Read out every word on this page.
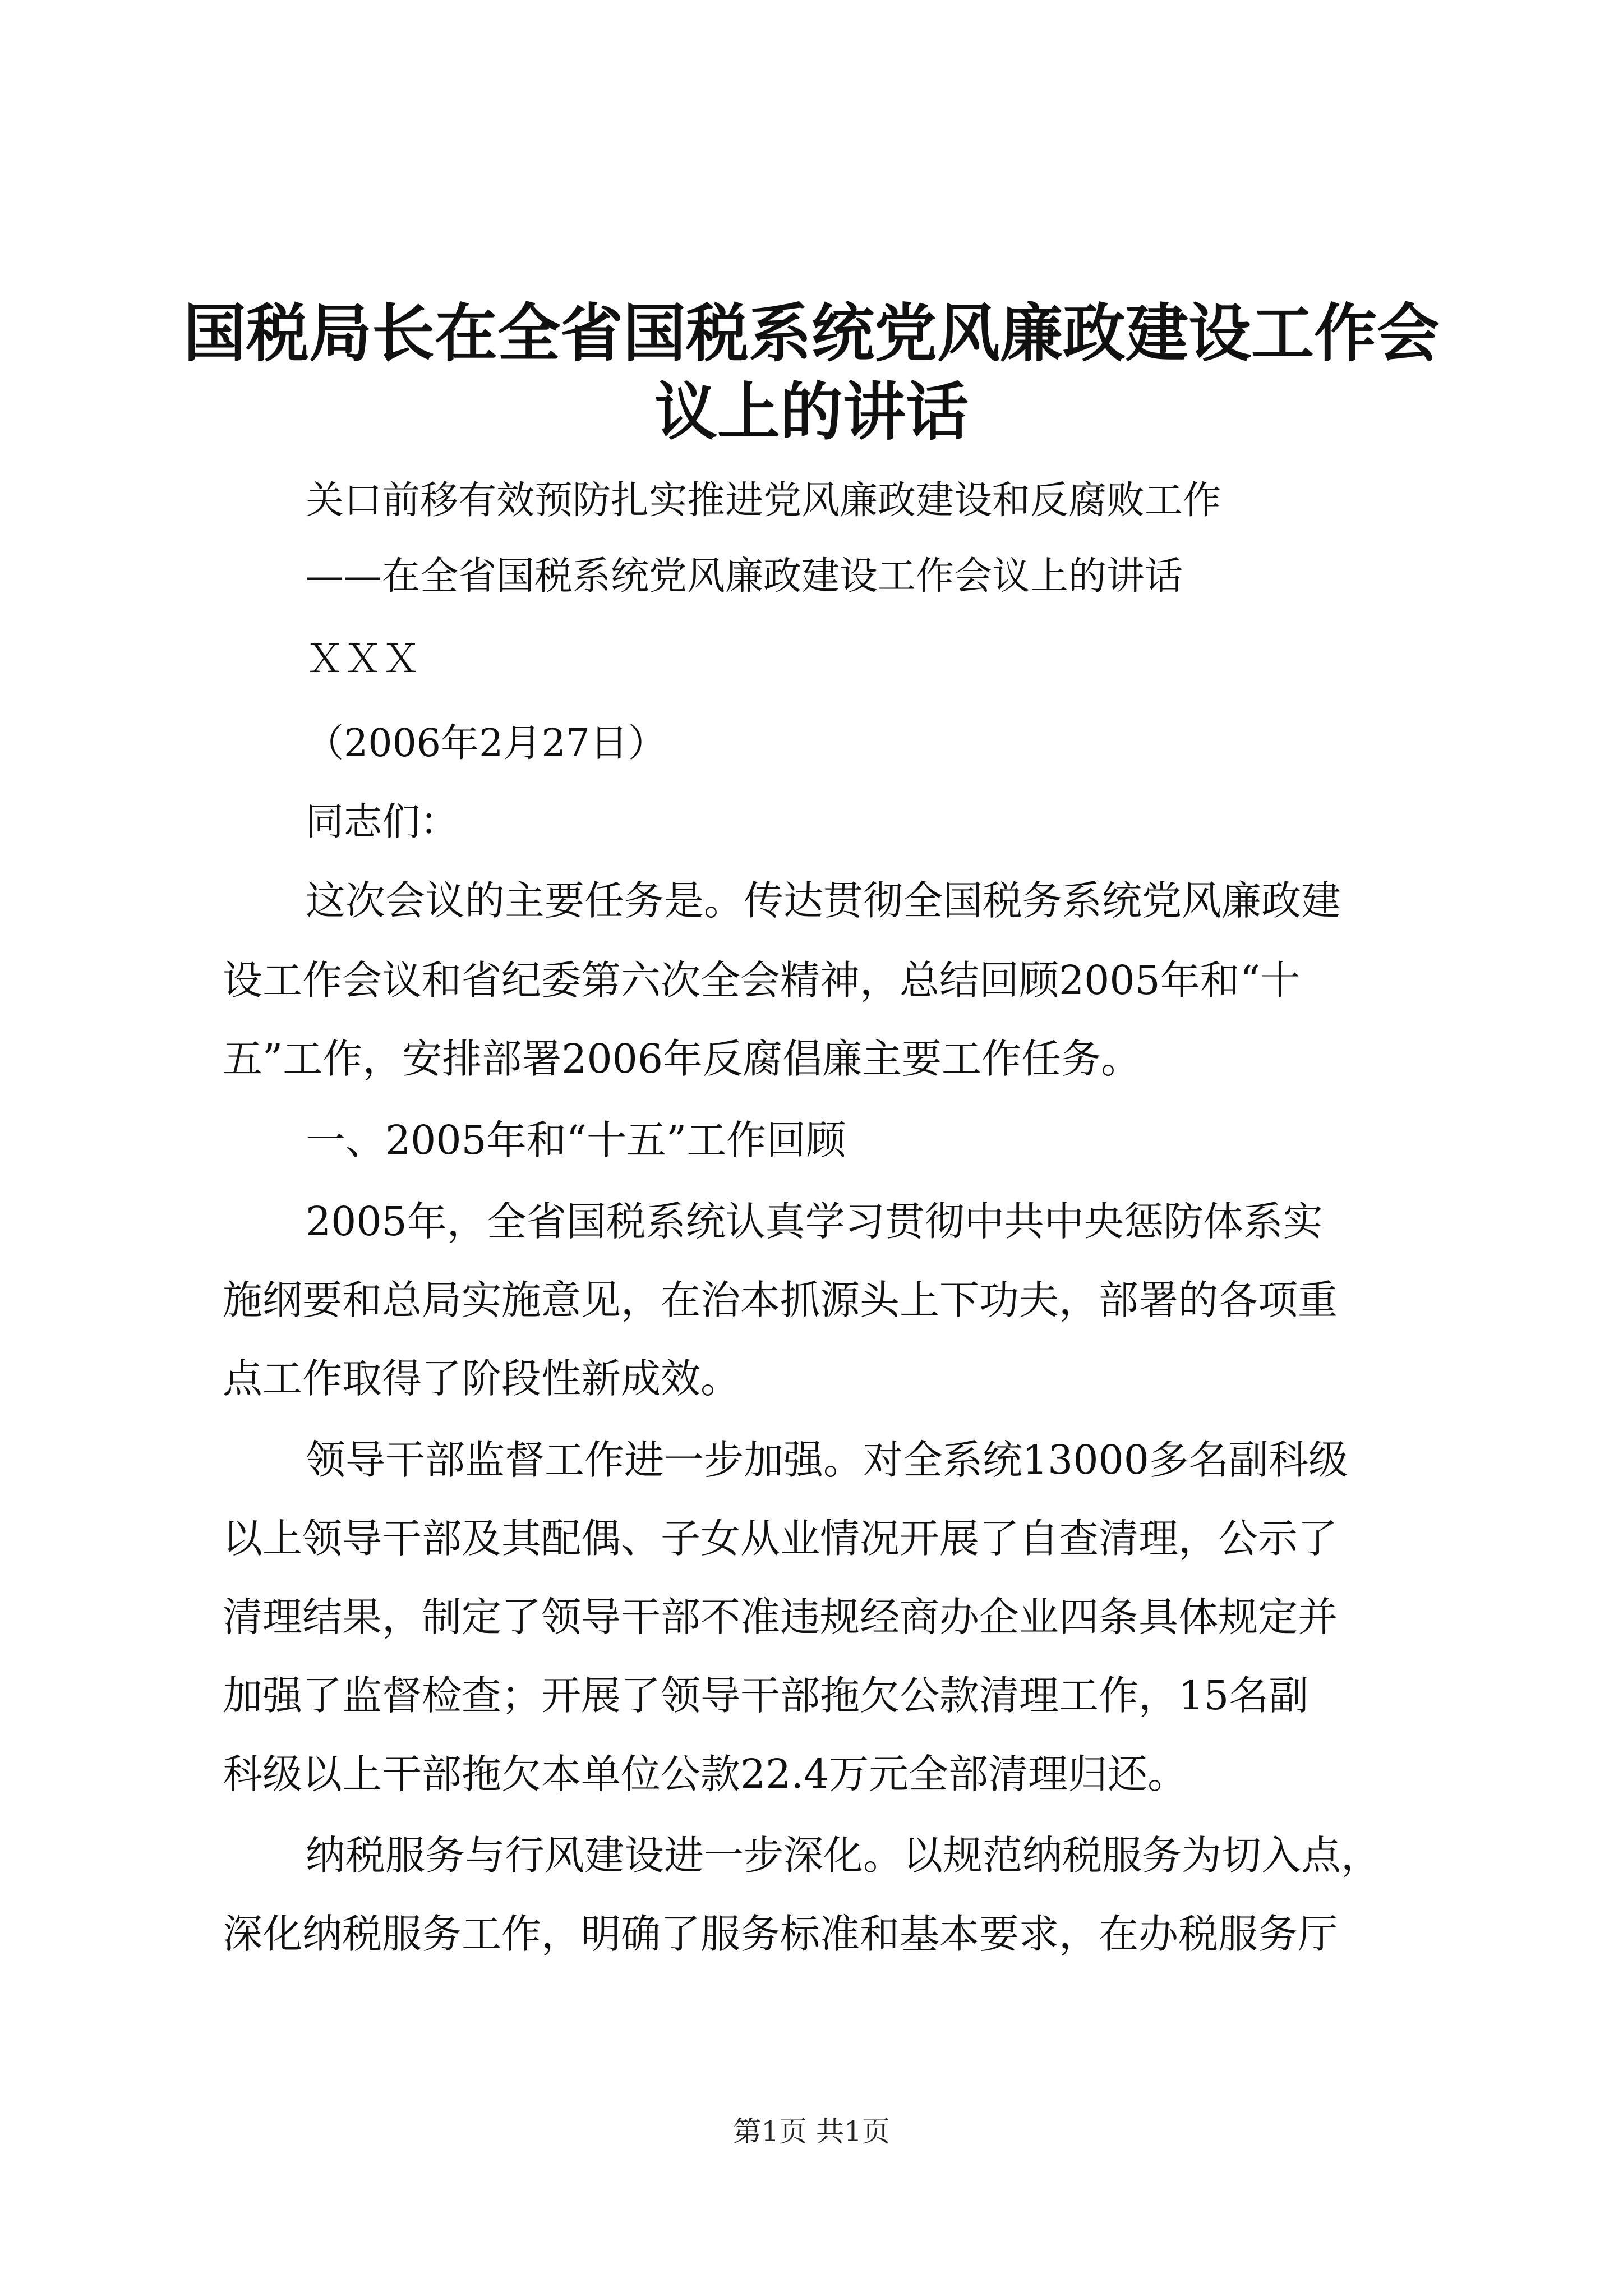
国税局长在全省国税系统党风廉政建设工作会
议上的讲话

关口前移有效预防扎实推进党风廉政建设和反腐败工作

——在全省国税系统党风廉政建设工作会议上的讲话

ＸＸＸ

（2006年2月27日）

同志们：

这次会议的主要任务是。传达贯彻全国税务系统党风廉政建

设工作会议和省纪委第六次全会精神，总结回顾2005年和“十

五”工作，安排部署2006年反腐倡廉主要工作任务。

一、2005年和“十五”工作回顾

2005年，全省国税系统认真学习贯彻中共中央惩防体系实

施纲要和总局实施意见，在治本抓源头上下功夫，部署的各项重

点工作取得了阶段性新成效。

领导干部监督工作进一步加强。对全系统13000多名副科级

以上领导干部及其配偶、子女从业情况开展了自查清理，公示了

清理结果，制定了领导干部不准违规经商办企业四条具体规定并

加强了监督检查；开展了领导干部拖欠公款清理工作，15名副

科级以上干部拖欠本单位公款22.4万元全部清理归还。

纳税服务与行风建设进一步深化。以规范纳税服务为切入点，

深化纳税服务工作，明确了服务标准和基本要求，在办税服务厅

第1页 共1页
